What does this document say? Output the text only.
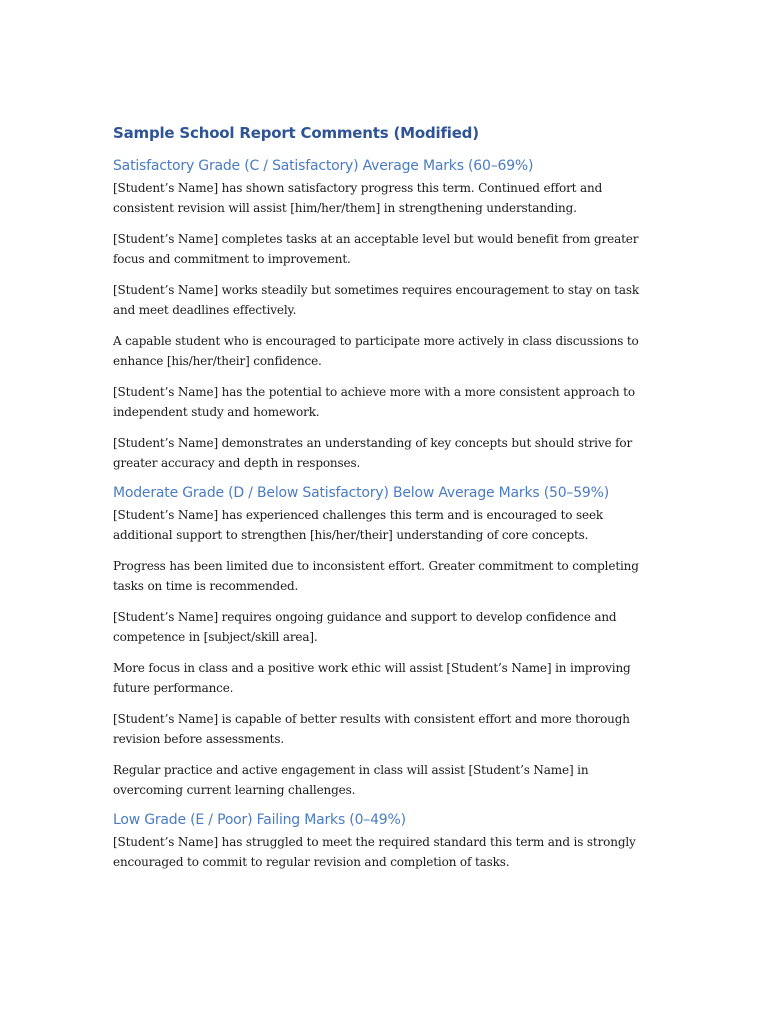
Sample School Report Comments (Modified)
Satisfactory Grade (C / Satisfactory) Average Marks (60–69%)

[Student’s Name] has shown satisfactory progress this term. Continued effort and consistent revision will assist [him/her/them] in strengthening understanding.

[Student’s Name] completes tasks at an acceptable level but would benefit from greater focus and commitment to improvement.

[Student’s Name] works steadily but sometimes requires encouragement to stay on task and meet deadlines effectively.

A capable student who is encouraged to participate more actively in class discussions to enhance [his/her/their] confidence.

[Student’s Name] has the potential to achieve more with a more consistent approach to independent study and homework.

[Student’s Name] demonstrates an understanding of key concepts but should strive for greater accuracy and depth in responses.

Moderate Grade (D / Below Satisfactory) Below Average Marks (50–59%)

[Student’s Name] has experienced challenges this term and is encouraged to seek additional support to strengthen [his/her/their] understanding of core concepts.

Progress has been limited due to inconsistent effort. Greater commitment to completing tasks on time is recommended.

[Student’s Name] requires ongoing guidance and support to develop confidence and competence in [subject/skill area].

More focus in class and a positive work ethic will assist [Student’s Name] in improving future performance.

[Student’s Name] is capable of better results with consistent effort and more thorough revision before assessments.

Regular practice and active engagement in class will assist [Student’s Name] in overcoming current learning challenges.

Low Grade (E / Poor) Failing Marks (0–49%)

[Student’s Name] has struggled to meet the required standard this term and is strongly encouraged to commit to regular revision and completion of tasks.
